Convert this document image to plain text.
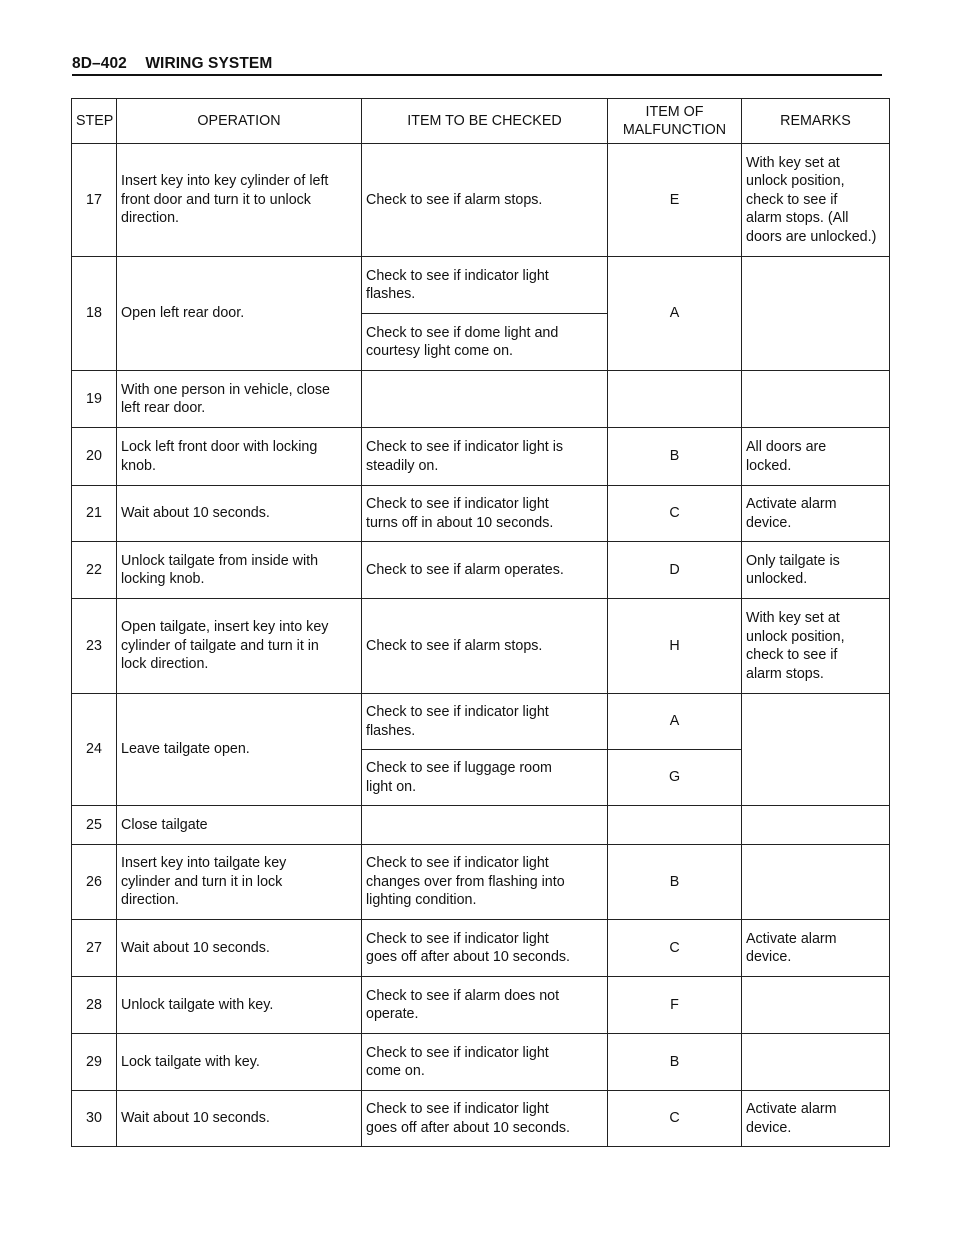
8D–402 WIRING SYSTEM
STEP	OPERATION	ITEM TO BE CHECKED	ITEM OF
MALFUNCTION	REMARKS
17	Insert key into key cylinder of left
front door and turn it to unlock
direction.	Check to see if alarm stops.	E	With key set at
unlock position,
check to see if
alarm stops. (All
doors are unlocked.)
18	Open left rear door.	Check to see if indicator light
flashes.	A	
		Check to see if dome light and
courtesy light come on.		
19	With one person in vehicle, close
left rear door.			
20	Lock left front door with locking
knob.	Check to see if indicator light is
steadily on.	B	All doors are
locked.
21	Wait about 10 seconds.	Check to see if indicator light
turns off in about 10 seconds.	C	Activate alarm
device.
22	Unlock tailgate from inside with
locking knob.	Check to see if alarm operates.	D	Only tailgate is
unlocked.
23	Open tailgate, insert key into key
cylinder of tailgate and turn it in
lock direction.	Check to see if alarm stops.	H	With key set at
unlock position,
check to see if
alarm stops.
24	Leave tailgate open.	Check to see if indicator light
flashes.	A	
		Check to see if luggage room
light on.	G	
25	Close tailgate			
26	Insert key into tailgate key
cylinder and turn it in lock
direction.	Check to see if indicator light
changes over from flashing into
lighting condition.	B	
27	Wait about 10 seconds.	Check to see if indicator light
goes off after about 10 seconds.	C	Activate alarm
device.
28	Unlock tailgate with key.	Check to see if alarm does not
operate.	F	
29	Lock tailgate with key.	Check to see if indicator light
come on.	B	
30	Wait about 10 seconds.	Check to see if indicator light
goes off after about 10 seconds.	C	Activate alarm
device.
